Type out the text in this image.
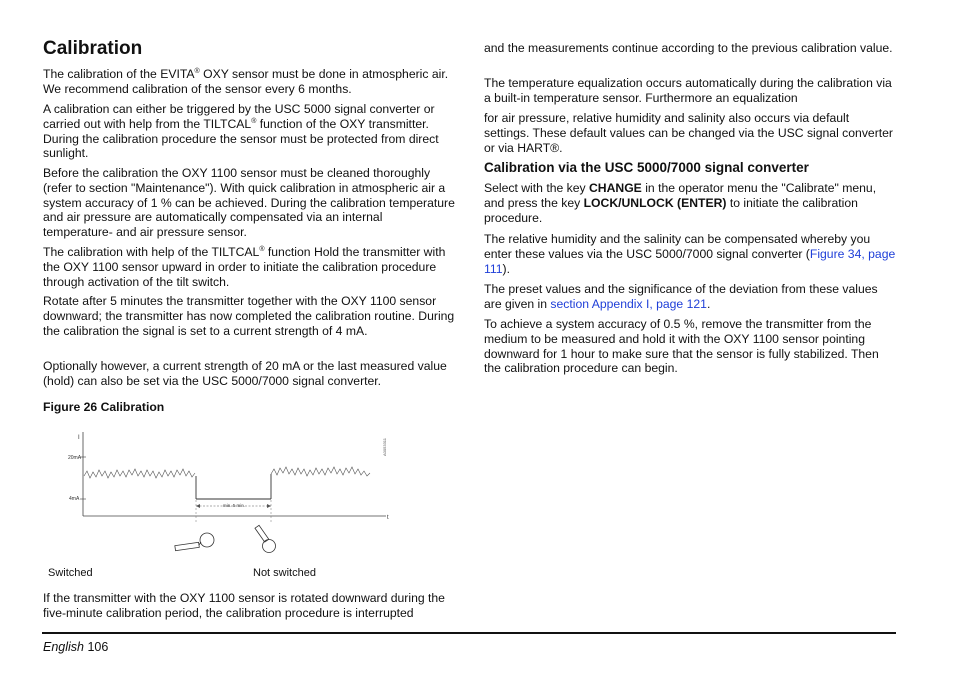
Calibration

The calibration of the EVITA® OXY sensor must be done in atmospheric air. We recommend calibration of the sensor every 6 months.

A calibration can either be triggered by the USC 5000 signal converter or carried out with help from the TILTCAL® function of the OXY transmitter. During the calibration procedure the sensor must be protected from direct sunlight.

Before the calibration the OXY 1100 sensor must be cleaned thoroughly (refer to section "Maintenance"). With quick calibration in atmospheric air a system accuracy of 1 % can be achieved. During the calibration temperature and air pressure are automatically compensated via an internal temperature- and air pressure sensor.

The calibration with help of the TILTCAL® function Hold the transmitter with the OXY 1100 sensor upward in order to initiate the calibration procedure through activation of the tilt switch.

Rotate after 5 minutes the transmitter together with the OXY 1100 sensor downward; the transmitter has now completed the calibration routine. During the calibration the signal is set to a current strength of 4 mA.

Optionally however, a current strength of 20 mA or the last measured value (hold) can also be set via the USC 5000/7000 signal converter.

Figure 26 Calibration

I
t
20mA
4mA
A0053311
min. 5 min.
Switched	Not switched

If the transmitter with the OXY 1100 sensor is rotated downward during the five-minute calibration period, the calibration procedure is interrupted

and the measurements continue according to the previous calibration value.

The temperature equalization occurs automatically during the calibration via a built-in temperature sensor. Furthermore an equalization

for air pressure, relative humidity and salinity also occurs via default settings. These default values can be changed via the USC signal converter or via HART®.

Calibration via the USC 5000/7000 signal converter

Select with the key CHANGE in the operator menu the "Calibrate" menu, and press the key LOCK/UNLOCK (ENTER) to initiate the calibration procedure.

The relative humidity and the salinity can be compensated whereby you enter these values via the USC 5000/7000 signal converter (Figure 34, page 111).

The preset values and the significance of the deviation from these values are given in section Appendix I, page 121.

To achieve a system accuracy of 0.5 %, remove the transmitter from the medium to be measured and hold it with the OXY 1100 sensor pointing downward for 1 hour to make sure that the sensor is fully stabilized. Then the calibration procedure can begin.

English 106
